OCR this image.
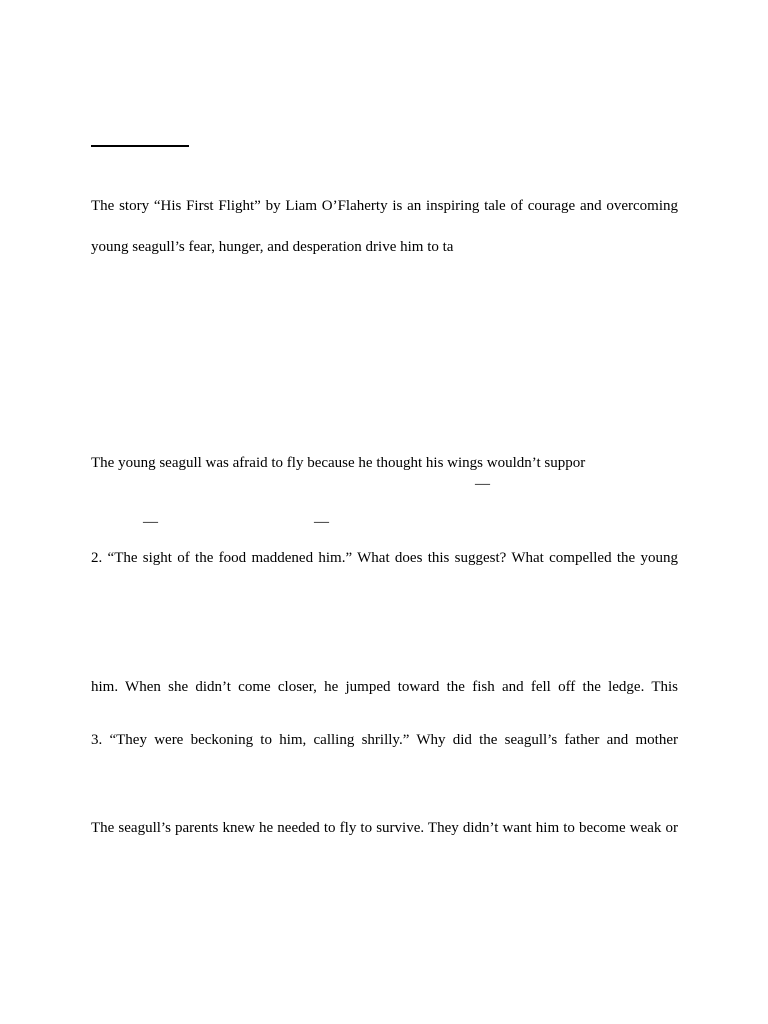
The story “His First Flight” by Liam O’Flaherty is an inspiring tale of courage and overcoming
young seagull’s fear, hunger, and desperation drive him to ta
The young seagull was afraid to fly because he thought his wings wouldn’t suppor
—
—	—
2. “The sight of the food maddened him.” What does this suggest? What compelled the young
him. When she didn’t come closer, he jumped toward the fish and fell off the ledge. This
3. “They were beckoning to him, calling shrilly.” Why did the seagull’s father and mother
The seagull’s parents knew he needed to fly to survive. They didn’t want him to become weak or
